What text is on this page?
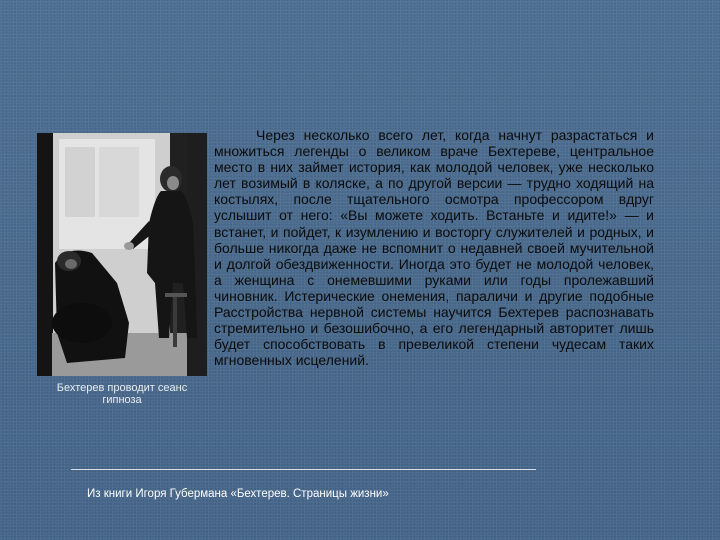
Бехтерев проводит сеанс
гипноза

Через несколько всего лет, когда начнут разрастаться и множиться легенды о великом враче Бехтереве, центральное место в них займет история, как молодой человек, уже несколько лет возимый в коляске, а по другой версии — трудно ходящий на костылях, после тщательного осмотра профессором вдруг услышит от него: «Вы можете ходить. Встаньте и идите!» — и встанет, и пойдет, к изумлению и восторгу служителей и родных, и больше никогда даже не вспомнит о недавней своей мучительной и долгой обездвиженности. Иногда это будет не молодой человек, а женщина с онемевшими руками или годы пролежавший чиновник. Истерические онемения, параличи и другие подобные Расстройства нервной системы научится Бехтерев распознавать стремительно и безошибочно, а его легендарный авторитет лишь будет способствовать в превеликой степени чудесам таких мгновенных исцелений.

Из книги Игоря Губермана «Бехтерев. Страницы жизни»
